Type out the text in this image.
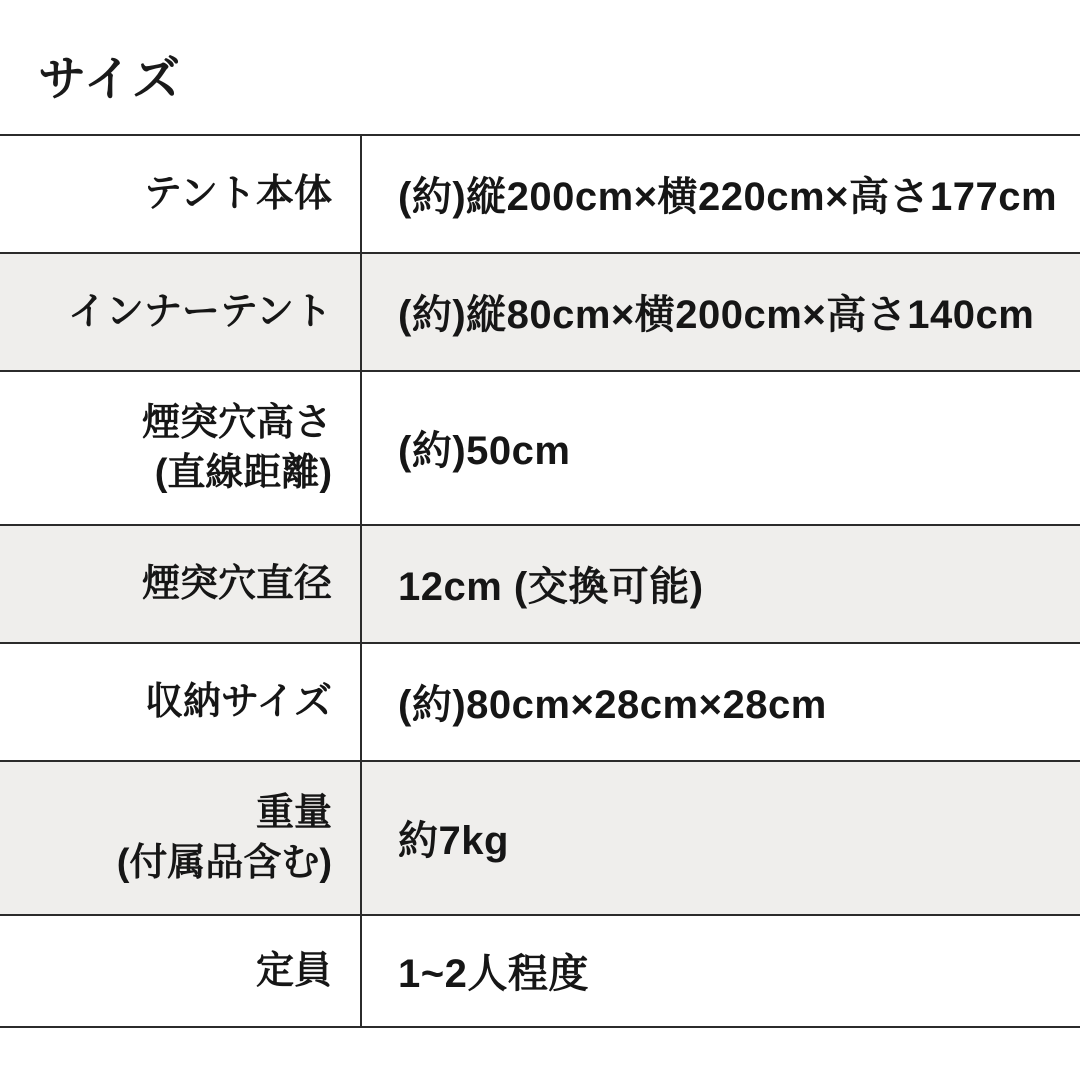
サイズ
テント本体 (約)縦200cm×横220cm×高さ177cm
インナーテント (約)縦80cm×横200cm×高さ140cm
煙突穴高さ
(直線距離) (約)50cm
煙突穴直径 12cm (交換可能)
収納サイズ (約)80cm×28cm×28cm
重量
(付属品含む) 約7kg
定員 1~2人程度
